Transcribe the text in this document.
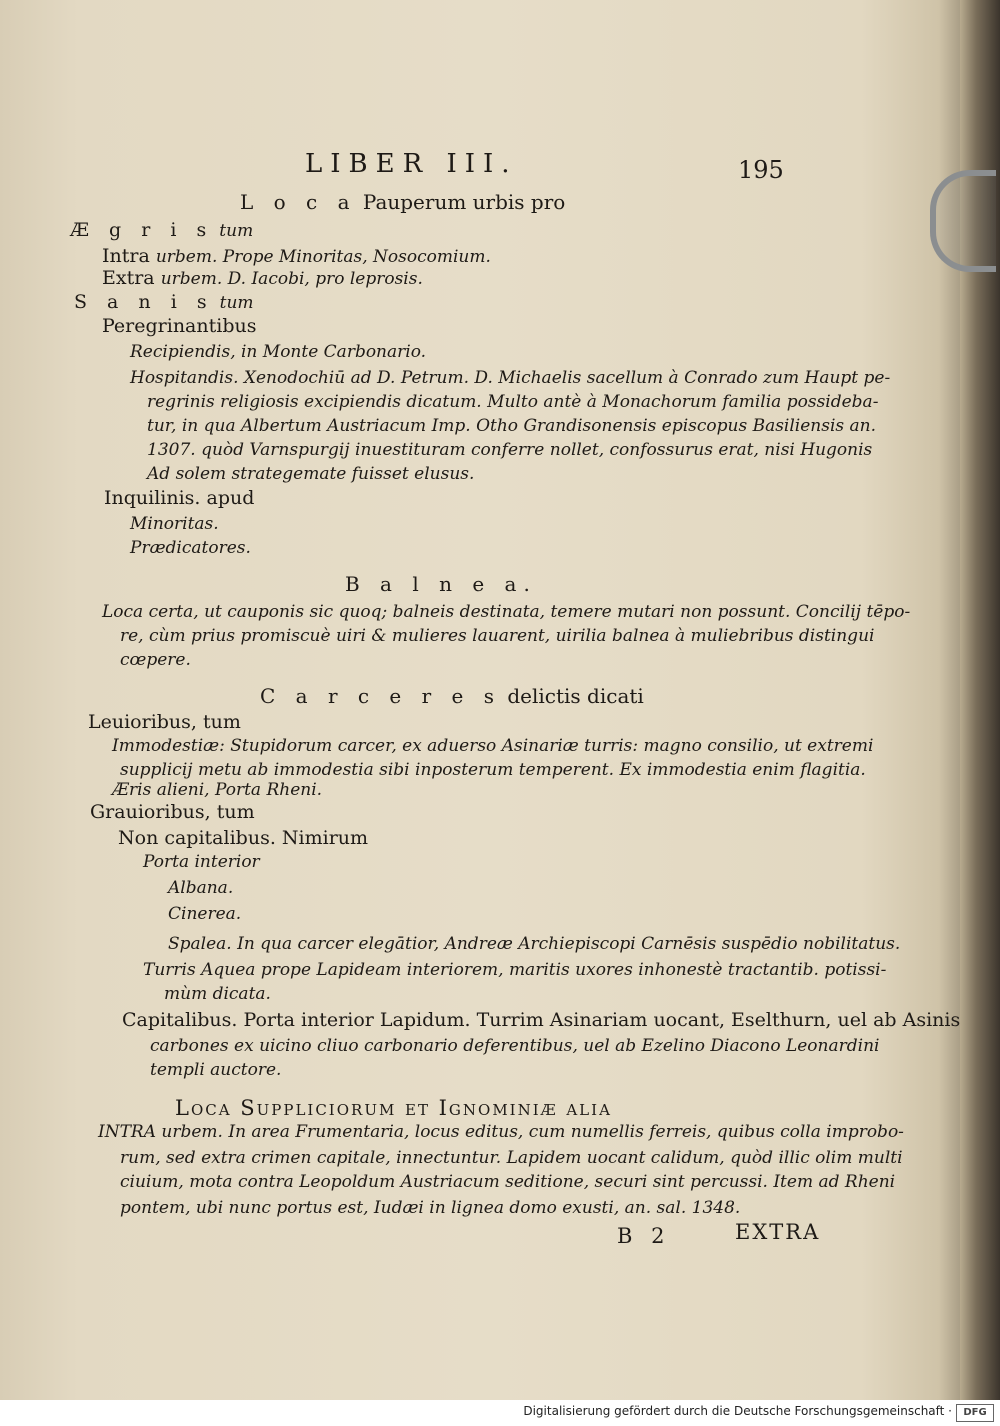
LIBER III.	195
L o c a Pauperum urbis pro
Æ g r i s tum
Intra urbem. Prope Minoritas, Nosocomium.
Extra urbem. D. Iacobi, pro leprosis.
S a n i s tum
Peregrinantibus
Recipiendis, in Monte Carbonario.
Hospitandis. Xenodochiū ad D. Petrum. D. Michaelis sacellum à Conrado zum Haupt pe-
regrinis religiosis excipiendis dicatum. Multo antè à Monachorum familia possideba-
tur, in qua Albertum Austriacum Imp. Otho Grandisonensis episcopus Basiliensis an.
1307. quòd Varnspurgij inuestituram conferre nollet, confossurus erat, nisi Hugonis
Ad solem strategemate fuisset elusus.
Inquilinis. apud
Minoritas.
Prædicatores.
B a l n e a.
Loca certa, ut cauponis sic quoq; balneis destinata, temere mutari non possunt. Concilij tēpo-
re, cùm prius promiscuè uiri & mulieres lauarent, uirilia balnea à muliebribus distingui
cœpere.
C a r c e r e s delictis dicati
Leuioribus, tum
Immodestiæ: Stupidorum carcer, ex aduerso Asinariæ turris: magno consilio, ut extremi
supplicij metu ab immodestia sibi inposterum temperent. Ex immodestia enim flagitia.
Æris alieni, Porta Rheni.
Grauioribus, tum
Non capitalibus. Nimirum
Porta interior
Albana.
Cinerea.
Spalea. In qua carcer elegātior, Andreæ Archiepiscopi Carnēsis suspēdio nobilitatus.
Turris Aquea prope Lapideam interiorem, maritis uxores inhonestè tractantib. potissi-
mùm dicata.
Capitalibus. Porta interior Lapidum. Turrim Asinariam uocant, Eselthurn, uel ab Asinis
carbones ex uicino cliuo carbonario deferentibus, uel ab Ezelino Diacono Leonardini
templi auctore.
Loca Suppliciorum et Ignominiæ alia
INTRA urbem. In area Frumentaria, locus editus, cum numellis ferreis, quibus colla improbo-
rum, sed extra crimen capitale, innectuntur. Lapidem uocant calidum, quòd illic olim multi
ciuium, mota contra Leopoldum Austriacum seditione, securi sint percussi. Item ad Rheni
pontem, ubi nunc portus est, Iudæi in lignea domo exusti, an. sal. 1348.
B 2	EXTRA
Digitalisierung gefördert durch die Deutsche Forschungsgemeinschaft ·	DFG
